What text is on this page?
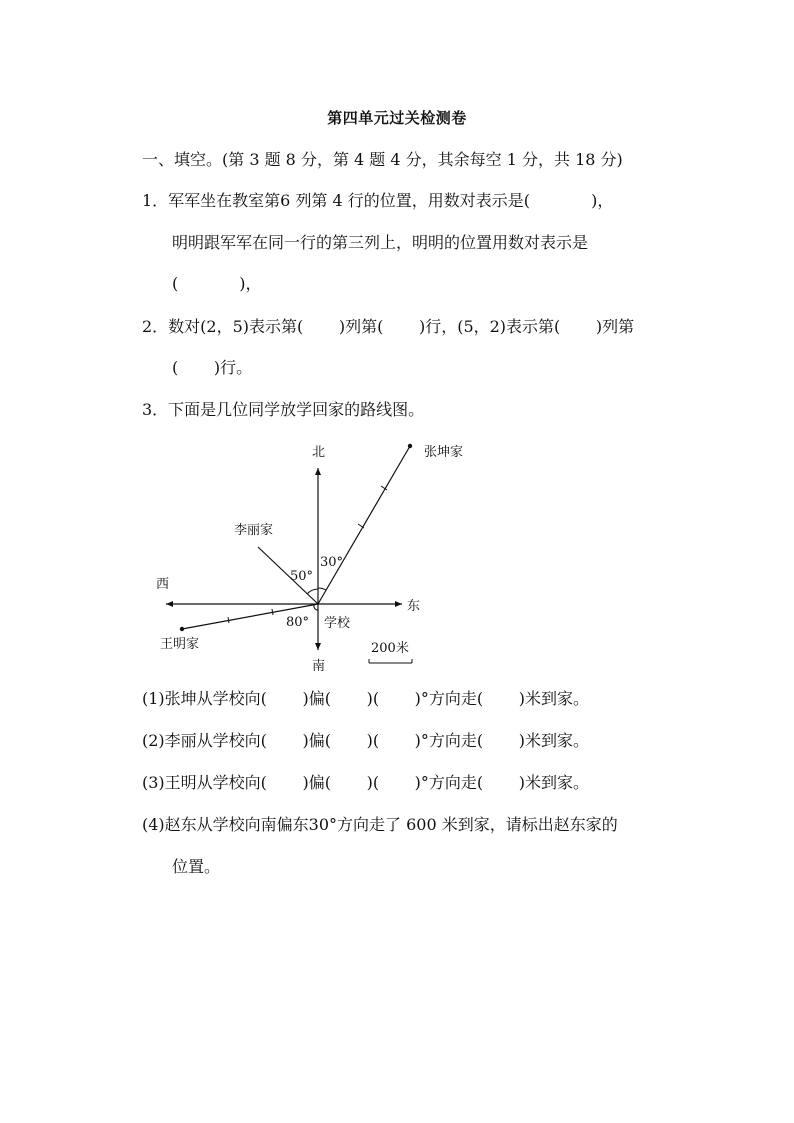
第四单元过关检测卷
一、填空。(第 3 题 8 分，第 4 题 4 分，其余每空 1 分，共 18 分)
1．军军坐在教室第6 列第 4 行的位置，用数对表示是(            )，
明明跟军军在同一行的第三列上，明明的位置用数对表示是
(            )，
2．数对(2，5)表示第(       )列第(       )行，(5，2)表示第(       )列第
(       )行。
3．下面是几位同学放学回家的路线图。
北
南
东
西
学校
张坤家
李丽家
王明家
30°
50°
80°
200米
(1)张坤从学校向(       )偏(       )(       )°方向走(       )米到家。
(2)李丽从学校向(       )偏(       )(       )°方向走(       )米到家。
(3)王明从学校向(       )偏(       )(       )°方向走(       )米到家。
(4)赵东从学校向南偏东30°方向走了 600 米到家，请标出赵东家的
位置。
